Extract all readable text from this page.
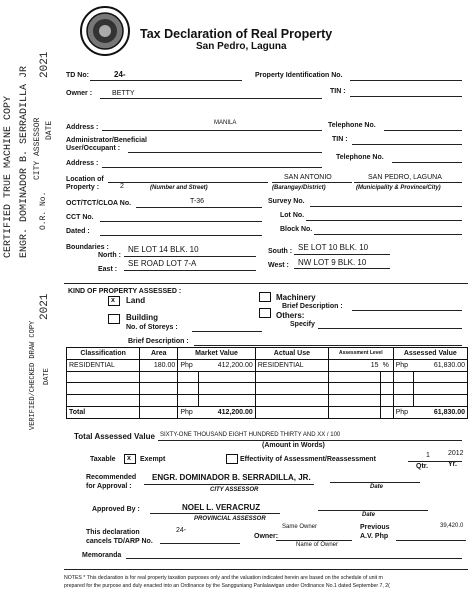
Tax Declaration of Real Property
San Pedro, Laguna
CERTIFIED TRUE MACHINE COPY ENGR. DOMINADOR B. SERRADILLA JR CITY ASSESSOR DATE
2021
O.R. No.
2021
VERIFIED/CHECKED DRAW COPY DATE
TD No:	24-	Property Identification No.
Owner :	BETTY	TIN :
Address :
MANILA	Telephone No.
Administrator/Beneficial
User/Occupant :
TIN :
Address :
Telephone No.
Location of
Property :	2	(Number and Street)
SAN ANTONIO
(Barangay/District)
SAN PEDRO, LAGUNA
(Municipality & Province/City)
OCT/TCT/CLOA No.	T-36	Survey No.
CCT No.	Lot No.
Dated :	Block No.
Boundaries :
North :
NE LOT 14 BLK. 10	South : SE LOT 10 BLK. 10
East :
SE ROAD LOT 7-A	West : NW LOT 9 BLK. 10
KIND OF PROPERTY ASSESSED :
x Land
Building
No. of Storeys :
Machinery
Brief Description :
Others:
Specify
Brief Description :
Classification	Area	Market Value		Actual Use	Assessment Level		Assessed Value	
RESIDENTIAL	180.00	Php	412,200.00	RESIDENTIAL	15	%	Php	61,830.00

Total		Php	412,200.00				Php	61,830.00
Total Assessed Value SIXTY-ONE THOUSAND EIGHT HUNDRED THIRTY AND XX / 100
(Amount in Words)
Taxable x Exempt	Effectivity of Assessment/Reassessment
1	2012
Qtr.	Yr.
Recommended
for Approval :
ENGR. DOMINADOR B. SERRADILLA, JR.
CITY ASSESSOR	Date
Approved By :	NOEL L. VERACRUZ
PROVINCIAL ASSESSOR
Date
This declaration
cancels TD/ARP No.
24-
Owner:
Same Owner
Name of Owner
Previous
A.V. Php
39,420.0
Memoranda
NOTES * This declaration is for real property taxation purposes only and the valuation indicated herein are based on the schedule of unit m
prepared for the purpose and duly enacted into an Ordinance by the Sangguniang Panlalawigan under Ordinance No.1 dated September 7, 2(
